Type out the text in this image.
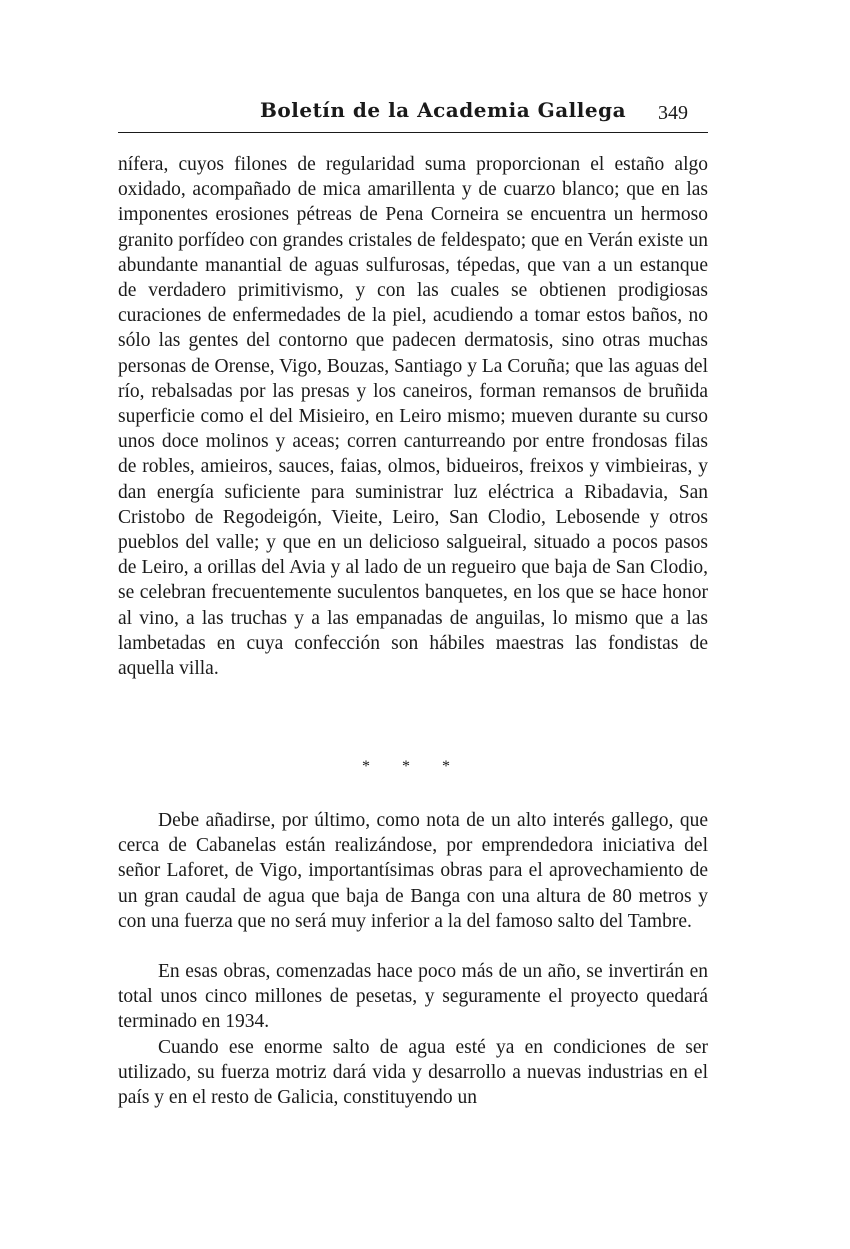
Boletín de la Academia Gallega 349

nífera, cuyos filones de regularidad suma proporcionan el estaño algo oxidado, acompañado de mica amarillenta y de cuarzo blanco; que en las imponentes erosiones pétreas de Pena Corneira se encuentra un hermoso granito porfídeo con grandes cristales de feldespato; que en Verán existe un abundante manantial de aguas sulfurosas, tépedas, que van a un estanque de verdadero primitivismo, y con las cuales se obtienen prodigiosas curaciones de enfermedades de la piel, acudiendo a tomar estos baños, no sólo las gentes del contorno que padecen dermatosis, sino otras muchas personas de Orense, Vigo, Bouzas, Santiago y La Coruña; que las aguas del río, rebalsadas por las presas y los caneiros, forman remansos de bruñida superficie como el del Misieiro, en Leiro mismo; mueven durante su curso unos doce molinos y aceas; corren canturreando por entre frondosas filas de robles, amieiros, sauces, faias, olmos, bidueiros, freixos y vimbieiras, y dan energía suficiente para suministrar luz eléctrica a Ribadavia, San Cristobo de Regodeigón, Vieite, Leiro, San Clodio, Lebosende y otros pueblos del valle; y que en un delicioso salgueiral, situado a pocos pasos de Leiro, a orillas del Avia y al lado de un regueiro que baja de San Clodio, se celebran frecuentemente suculentos banquetes, en los que se hace honor al vino, a las truchas y a las empanadas de anguilas, lo mismo que a las lambetadas en cuya confección son hábiles maestras las fondistas de aquella villa.

* * *

Debe añadirse, por último, como nota de un alto interés gallego, que cerca de Cabanelas están realizándose, por emprendedora iniciativa del señor Laforet, de Vigo, importantísimas obras para el aprovechamiento de un gran caudal de agua que baja de Banga con una altura de 80 metros y con una fuerza que no será muy inferior a la del famoso salto del Tambre.

En esas obras, comenzadas hace poco más de un año, se invertirán en total unos cinco millones de pesetas, y seguramente el proyecto quedará terminado en 1934.

Cuando ese enorme salto de agua esté ya en condiciones de ser utilizado, su fuerza motriz dará vida y desarrollo a nuevas industrias en el país y en el resto de Galicia, constituyendo un
